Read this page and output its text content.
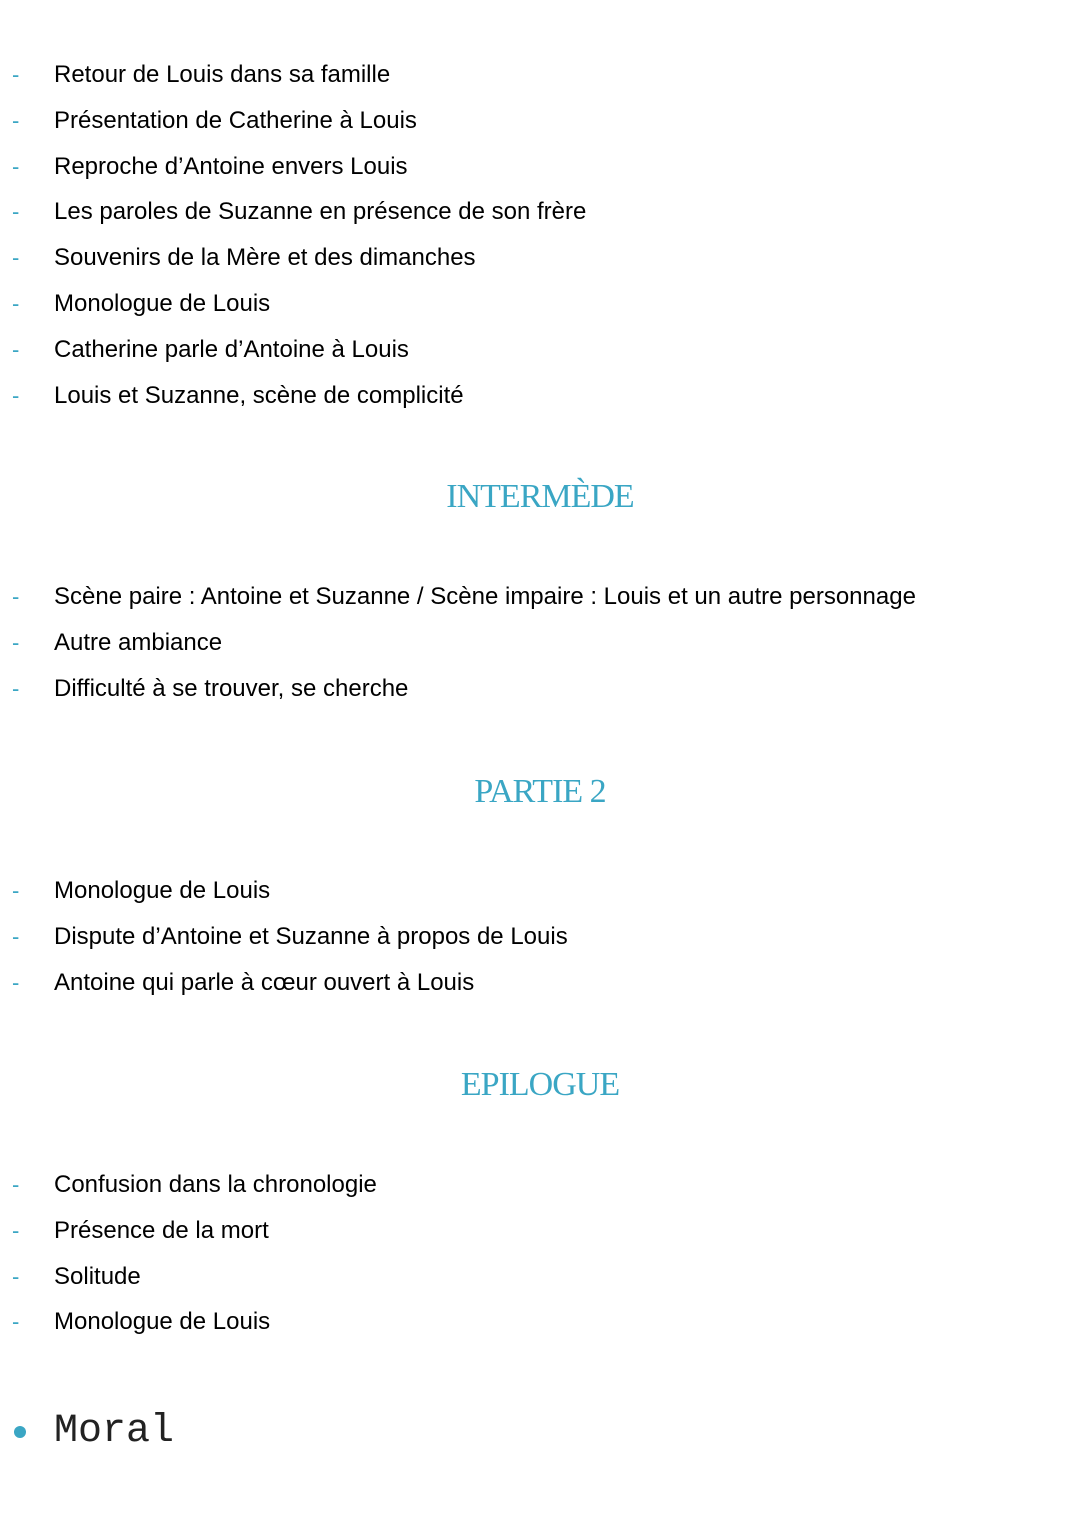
- Retour de Louis dans sa famille
- Présentation de Catherine à Louis
- Reproche d’Antoine envers Louis
- Les paroles de Suzanne en présence de son frère
- Souvenirs de la Mère et des dimanches
- Monologue de Louis
- Catherine parle d’Antoine à Louis
- Louis et Suzanne, scène de complicité
INTERMÈDE
- Scène paire : Antoine et Suzanne / Scène impaire : Louis et un autre personnage
- Autre ambiance
- Difficulté à se trouver, se cherche
PARTIE 2
- Monologue de Louis
- Dispute d’Antoine et Suzanne à propos de Louis
- Antoine qui parle à cœur ouvert à Louis
EPILOGUE
- Confusion dans la chronologie
- Présence de la mort
- Solitude
- Monologue de Louis
Moral
